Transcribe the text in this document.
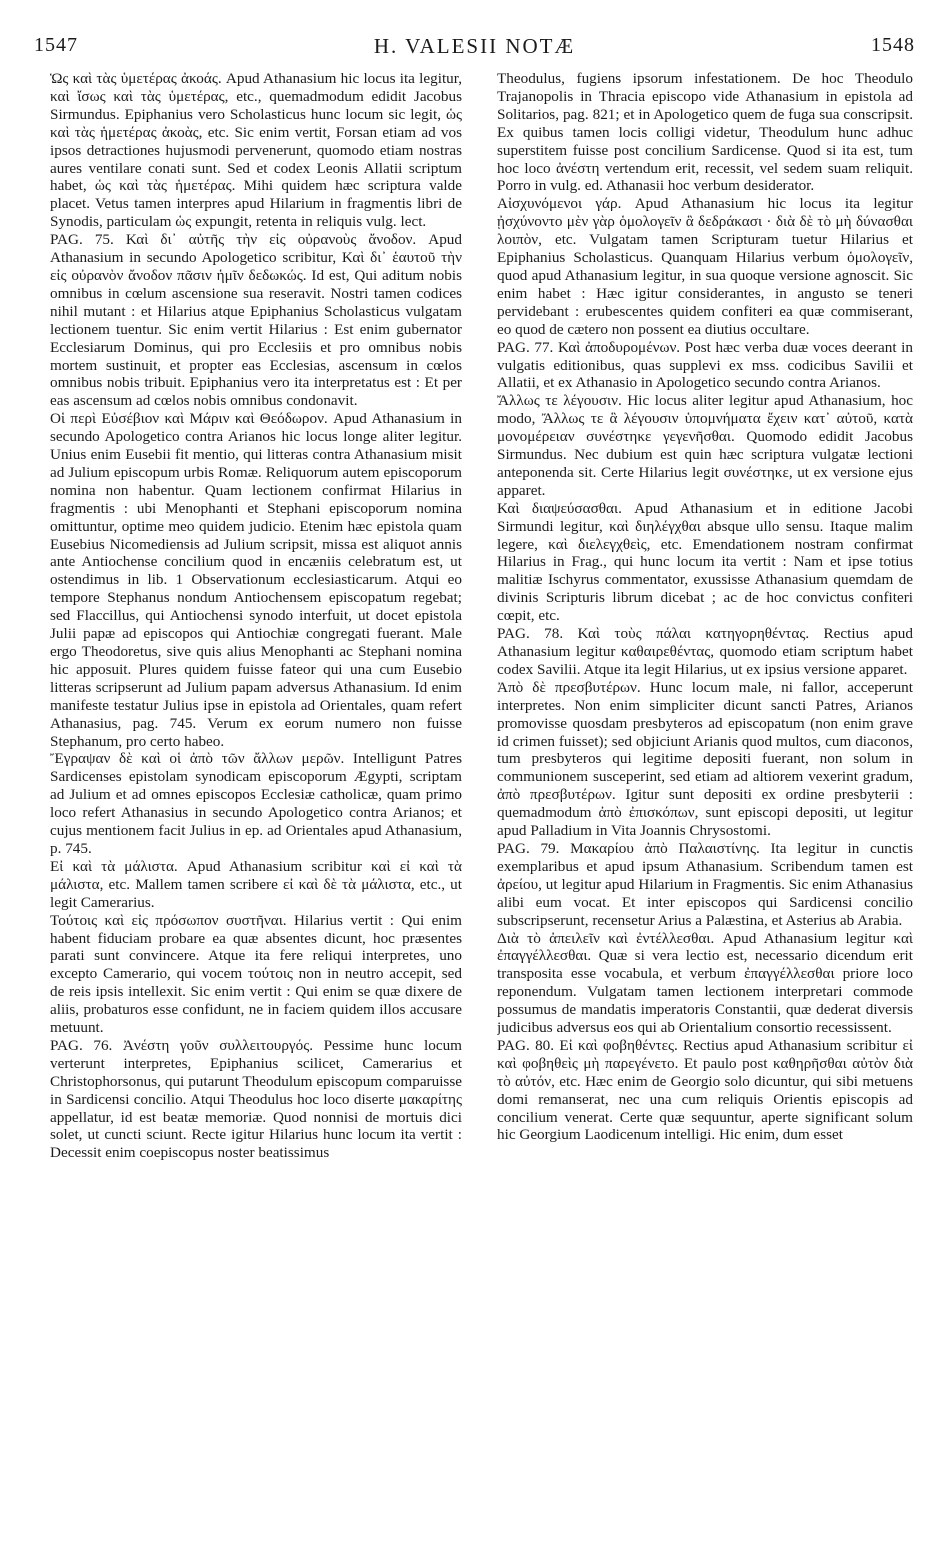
1547	H. VALESII NOTÆ	1548

Ὡς καὶ τὰς ὑμετέρας ἀκοάς. Apud Athanasium hic locus ita legitur, καὶ ἴσως καὶ τὰς ὑμετέρας, etc., quemadmodum edidit Jacobus Sirmundus. Epiphanius vero Scholasticus hunc locum sic legit, ὡς καὶ τὰς ἡμετέρας ἀκοὰς, etc. Sic enim vertit, Forsan etiam ad vos ipsos detractiones hujusmodi pervenerunt, quomodo etiam nostras aures ventilare conati sunt. Sed et codex Leonis Allatii scriptum habet, ὡς καὶ τὰς ἡμετέρας. Mihi quidem hæc scriptura valde placet. Vetus tamen interpres apud Hilarium in fragmentis libri de Synodis, particulam ὡς expungit, retenta in reliquis vulg. lect.

PAG. 75. Καὶ δι᾽ αὐτῆς τὴν εἰς οὐρανοὺς ἄνοδον. Apud Athanasium in secundo Apologetico scribitur, Καὶ δι᾽ ἑαυτοῦ τὴν εἰς οὐρανὸν ἄνοδον πᾶσιν ἡμῖν δεδωκώς. Id est, Qui aditum nobis omnibus in cœlum ascensione sua reseravit. Nostri tamen codices nihil mutant : et Hilarius atque Epiphanius Scholasticus vulgatam lectionem tuentur. Sic enim vertit Hilarius : Est enim gubernator Ecclesiarum Dominus, qui pro Ecclesiis et pro omnibus nobis mortem sustinuit, et propter eas Ecclesias, ascensum in cœlos omnibus nobis tribuit. Epiphanius vero ita interpretatus est : Et per eas ascensum ad cœlos nobis omnibus condonavit.

Οἱ περὶ Εὐσέβιον καὶ Μάριν καὶ Θεόδωρον. Apud Athanasium in secundo Apologetico contra Arianos hic locus longe aliter legitur. Unius enim Eusebii fit mentio, qui litteras contra Athanasium misit ad Julium episcopum urbis Romæ. Reliquorum autem episcoporum nomina non habentur. Quam lectionem confirmat Hilarius in fragmentis : ubi Menophanti et Stephani episcoporum nomina omittuntur, optime meo quidem judicio. Etenim hæc epistola quam Eusebius Nicomediensis ad Julium scripsit, missa est aliquot annis ante Antiochense concilium quod in encæniis celebratum est, ut ostendimus in lib. 1 Observationum ecclesiasticarum. Atqui eo tempore Stephanus nondum Antiochensem episcopatum regebat; sed Flaccillus, qui Antiochensi synodo interfuit, ut docet epistola Julii papæ ad episcopos qui Antiochiæ congregati fuerant. Male ergo Theodoretus, sive quis alius Menophanti ac Stephani nomina hic apposuit. Plures quidem fuisse fateor qui una cum Eusebio litteras scripserunt ad Julium papam adversus Athanasium. Id enim manifeste testatur Julius ipse in epistola ad Orientales, quam refert Athanasius, pag. 745. Verum ex eorum numero non fuisse Stephanum, pro certo habeo.

Ἔγραψαν δὲ καὶ οἱ ἀπὸ τῶν ἄλλων μερῶν. Intelligunt Patres Sardicenses epistolam synodicam episcoporum Ægypti, scriptam ad Julium et ad omnes episcopos Ecclesiæ catholicæ, quam primo loco refert Athanasius in secundo Apologetico contra Arianos; et cujus mentionem facit Julius in ep. ad Orientales apud Athanasium, p. 745.

Εἰ καὶ τὰ μάλιστα. Apud Athanasium scribitur καὶ εἰ καὶ τὰ μάλιστα, etc. Mallem tamen scribere εἰ καὶ δὲ τὰ μάλιστα, etc., ut legit Camerarius.

Τούτοις καὶ εἰς πρόσωπον συστῆναι. Hilarius vertit : Qui enim habent fiduciam probare ea quæ absentes dicunt, hoc præsentes parati sunt convincere. Atque ita fere reliqui interpretes, uno excepto Camerario, qui vocem τούτοις non in neutro accepit, sed de reis ipsis intellexit. Sic enim vertit : Qui enim se quæ dixere de aliis, probaturos esse confidunt, ne in faciem quidem illos accusare metuunt.

PAG. 76. Ἀνέστη γοῦν συλλειτουργός. Pessime hunc locum verterunt interpretes, Epiphanius scilicet, Camerarius et Christophorsonus, qui putarunt Theodulum episcopum comparuisse in Sardicensi concilio. Atqui Theodulus hoc loco diserte μακαρίτης appellatur, id est beatæ memoriæ. Quod nonnisi de mortuis dici solet, ut cuncti sciunt. Recte igitur Hilarius hunc locum ita vertit : Decessit enim coepiscopus noster beatissimus

Theodulus, fugiens ipsorum infestationem. De hoc Theodulo Trajanopolis in Thracia episcopo vide Athanasium in epistola ad Solitarios, pag. 821; et in Apologetico quem de fuga sua conscripsit. Ex quibus tamen locis colligi videtur, Theodulum hunc adhuc superstitem fuisse post concilium Sardicense. Quod si ita est, tum hoc loco ἀνέστη vertendum erit, recessit, vel sedem suam reliquit. Porro in vulg. ed. Athanasii hoc verbum desiderator.

Αἰσχυνόμενοι γάρ. Apud Athanasium hic locus ita legitur ᾐσχύνοντο μὲν γὰρ ὁμολογεῖν ἃ δεδράκασι · διὰ δὲ τὸ μὴ δύνασθαι λοιπὸν, etc. Vulgatam tamen Scripturam tuetur Hilarius et Epiphanius Scholasticus. Quanquam Hilarius verbum ὁμολογεῖν, quod apud Athanasium legitur, in sua quoque versione agnoscit. Sic enim habet : Hæc igitur considerantes, in angusto se teneri pervidebant : erubescentes quidem confiteri ea quæ commiserant, eo quod de cætero non possent ea diutius occultare.

PAG. 77. Καὶ ἀποδυρομένων. Post hæc verba duæ voces deerant in vulgatis editionibus, quas supplevi ex mss. codicibus Savilii et Allatii, et ex Athanasio in Apologetico secundo contra Arianos.

Ἄλλως τε λέγουσιν. Hic locus aliter legitur apud Athanasium, hoc modo, Ἄλλως τε ἃ λέγουσιν ὑπομνήματα ἔχειν κατ᾽ αὐτοῦ, κατὰ μονομέρειαν συνέστηκε γεγενῆσθαι. Quomodo edidit Jacobus Sirmundus. Nec dubium est quin hæc scriptura vulgatæ lectioni anteponenda sit. Certe Hilarius legit συνέστηκε, ut ex versione ejus apparet.

Καὶ διαψεύσασθαι. Apud Athanasium et in editione Jacobi Sirmundi legitur, καὶ διηλέγχθαι absque ullo sensu. Itaque malim legere, καὶ διελεγχθεὶς, etc. Emendationem nostram confirmat Hilarius in Frag., qui hunc locum ita vertit : Nam et ipse totius malitiæ Ischyrus commentator, exussisse Athanasium quemdam de divinis Scripturis librum dicebat ; ac de hoc convictus confiteri cœpit, etc.

PAG. 78. Καὶ τοὺς πάλαι κατηγορηθέντας. Rectius apud Athanasium legitur καθαιρεθέντας, quomodo etiam scriptum habet codex Savilii. Atque ita legit Hilarius, ut ex ipsius versione apparet.

Ἀπὸ δὲ πρεσβυτέρων. Hunc locum male, ni fallor, acceperunt interpretes. Non enim simpliciter dicunt sancti Patres, Arianos promovisse quosdam presbyteros ad episcopatum (non enim grave id crimen fuisset); sed objiciunt Arianis quod multos, cum diaconos, tum presbyteros qui legitime depositi fuerant, non solum in communionem susceperint, sed etiam ad altiorem vexerint gradum, ἀπὸ πρεσβυτέρων. Igitur sunt depositi ex ordine presbyterii : quemadmodum ἀπὸ ἐπισκόπων, sunt episcopi depositi, ut legitur apud Palladium in Vita Joannis Chrysostomi.

PAG. 79. Μακαρίου ἀπὸ Παλαιστίνης. Ita legitur in cunctis exemplaribus et apud ipsum Athanasium. Scribendum tamen est ἀρείου, ut legitur apud Hilarium in Fragmentis. Sic enim Athanasius alibi eum vocat. Et inter episcopos qui Sardicensi concilio subscripserunt, recensetur Arius a Palæstina, et Asterius ab Arabia.

Διὰ τὸ ἀπειλεῖν καὶ ἐντέλλεσθαι. Apud Athanasium legitur καὶ ἐπαγγέλλεσθαι. Quæ si vera lectio est, necessario dicendum erit transposita esse vocabula, et verbum ἐπαγγέλλεσθαι priore loco reponendum. Vulgatam tamen lectionem interpretari commode possumus de mandatis imperatoris Constantii, quæ dederat diversis judicibus adversus eos qui ab Orientalium consortio recessissent.

PAG. 80. Εἰ καὶ φοβηθέντες. Rectius apud Athanasium scribitur εἰ καὶ φοβηθεὶς μὴ παρεγένετο. Et paulo post καθηρῆσθαι αὐτὸν διὰ τὸ αὐτόν, etc. Hæc enim de Georgio solo dicuntur, qui sibi metuens domi remanserat, nec una cum reliquis Orientis episcopis ad concilium venerat. Certe quæ sequuntur, aperte significant solum hic Georgium Laodicenum intelligi. Hic enim, dum esset
